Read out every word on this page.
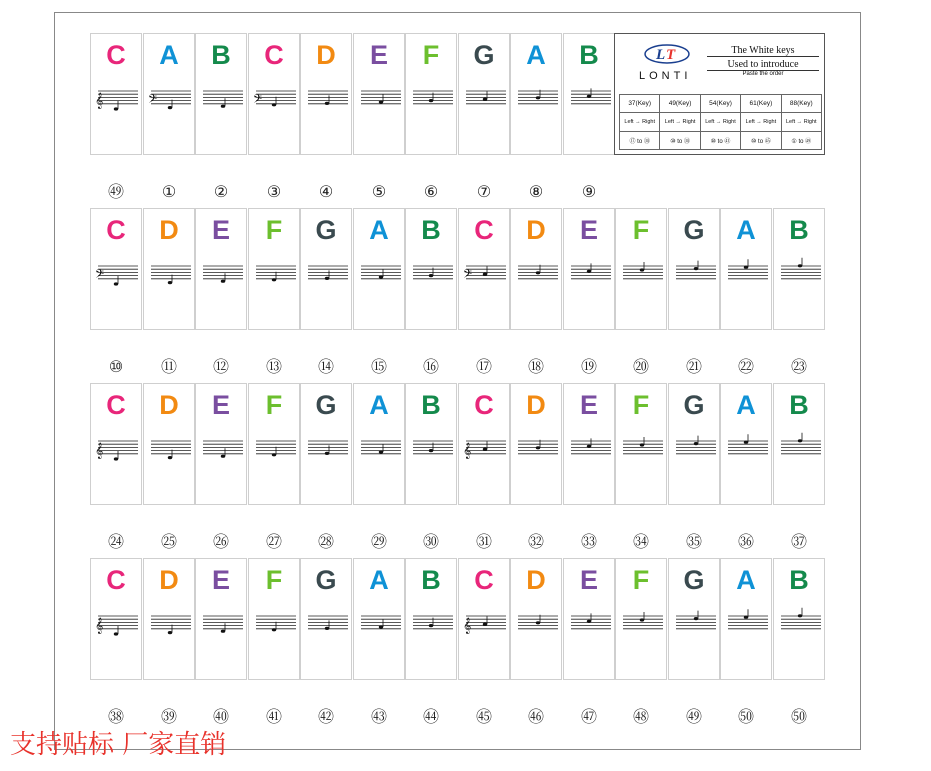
C
𝄞
A
𝄢
B	C
𝄢
D	E	F	G	A	B
㊾	①	②	③	④	⑤	⑥	⑦	⑧	⑨
C
𝄢
D	E	F	G	A	B	C
𝄢
D	E	F	G	A	B
⑩	⑪	⑫	⑬	⑭	⑮	⑯	⑰	⑱	⑲	⑳	㉑	㉒	㉓
C
𝄞
D	E	F	G	A	B	C
𝄞
D	E	F	G	A	B
㉔	㉕	㉖	㉗	㉘	㉙	㉚	㉛	㉜	㉝	㉞	㉟	㊱	㊲
C
𝄞
D	E	F	G	A	B	C
𝄞
D	E	F	G	A	B
㊳	㊴	㊵	㊶	㊷	㊸	㊹	㊺	㊻	㊼	㊽	㊾	㊿	㊿
L T
LONTI
The White keys
Used to introduce
Paste the order
37(Key)	49(Key)	54(Key)	61(Key)	88(Key)
Left → Right	Left → Right	Left → Right	Left → Right	Left → Right
⑰ to ㊳	⑩ to ㊳	⑩ to ㊶	⑩ to ㊺	① to ㊾
支持贴标 厂家直销
